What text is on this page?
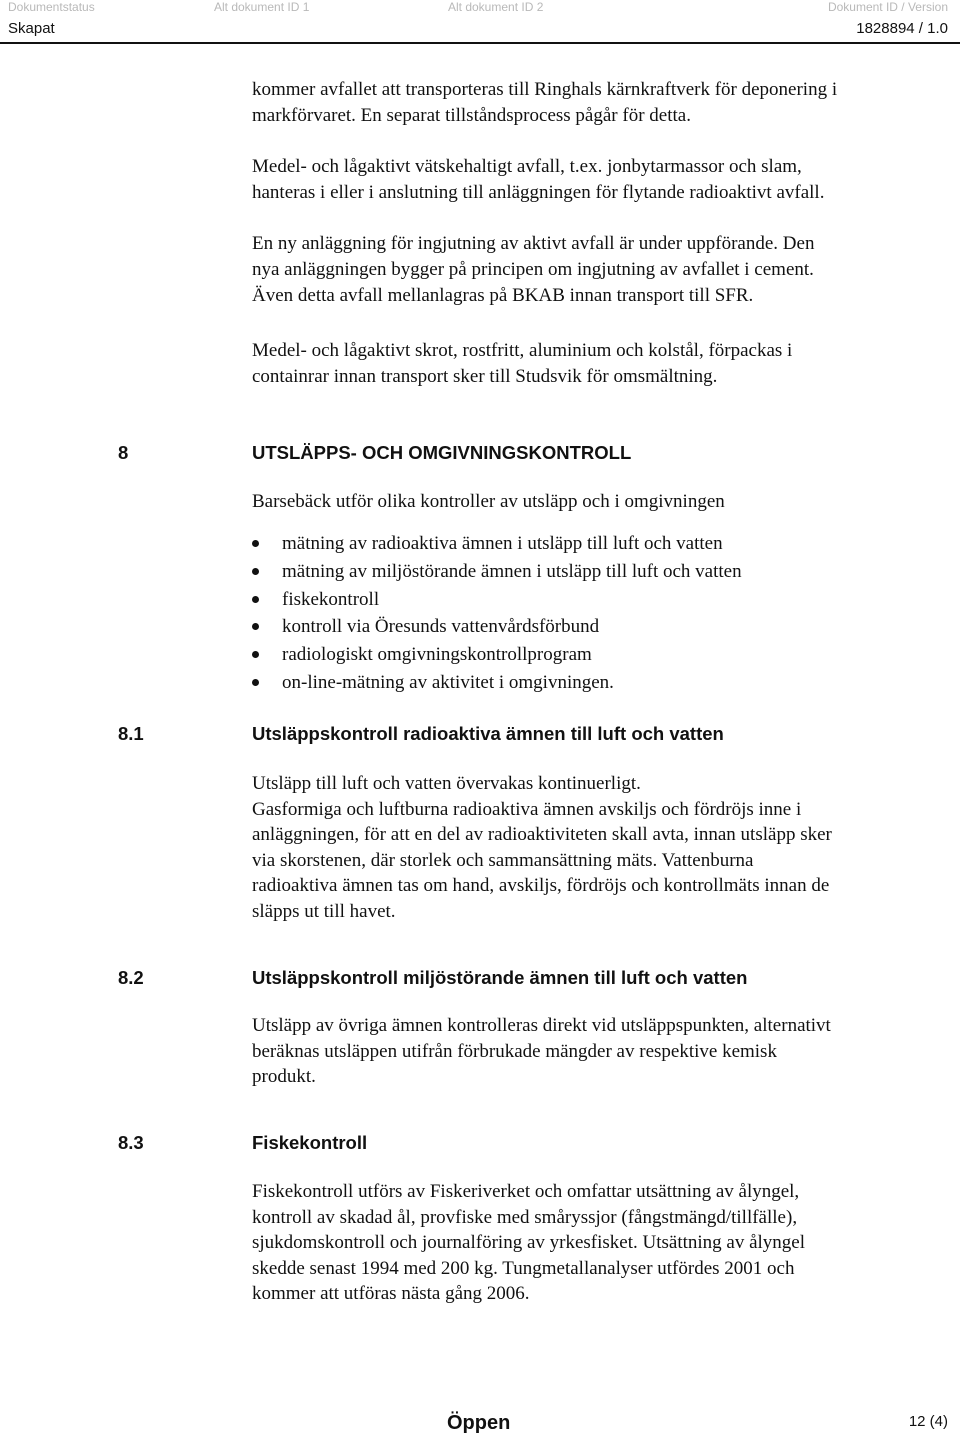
Dokumentstatus	Alt dokument ID 1	Alt dokument ID 2	Dokument ID / Version
Skapat	1828894 / 1.0

kommer avfallet att transporteras till Ringhals kärnkraftverk för deponering i
markförvaret. En separat tillståndsprocess pågår för detta.

Medel- och lågaktivt vätskehaltigt avfall, t.ex. jonbytarmassor och slam,
hanteras i eller i anslutning till anläggningen för flytande radioaktivt avfall.

En ny anläggning för ingjutning av aktivt avfall är under uppförande. Den
nya anläggningen bygger på principen om ingjutning av avfallet i cement.
Även detta avfall mellanlagras på BKAB innan transport till SFR.

Medel- och lågaktivt skrot, rostfritt, aluminium och kolstål, förpackas i
containrar innan transport sker till Studsvik för omsmältning.

8	UTSLÄPPS- OCH OMGIVNINGSKONTROLL

Barsebäck utför olika kontroller av utsläpp och i omgivningen

mätning av radioaktiva ämnen i utsläpp till luft och vatten
mätning av miljöstörande ämnen i utsläpp till luft och vatten
fiskekontroll
kontroll via Öresunds vattenvårdsförbund
radiologiskt omgivningskontrollprogram
on-line-mätning av aktivitet i omgivningen.
8.1	Utsläppskontroll radioaktiva ämnen till luft och vatten

Utsläpp till luft och vatten övervakas kontinuerligt.
Gasformiga och luftburna radioaktiva ämnen avskiljs och fördröjs inne i
anläggningen, för att en del av radioaktiviteten skall avta, innan utsläpp sker
via skorstenen, där storlek och sammansättning mäts. Vattenburna
radioaktiva ämnen tas om hand, avskiljs, fördröjs och kontrollmäts innan de
släpps ut till havet.

8.2	Utsläppskontroll miljöstörande ämnen till luft och vatten

Utsläpp av övriga ämnen kontrolleras direkt vid utsläppspunkten, alternativt
beräknas utsläppen utifrån förbrukade mängder av respektive kemisk
produkt.

8.3	Fiskekontroll

Fiskekontroll utförs av Fiskeriverket och omfattar utsättning av ålyngel,
kontroll av skadad ål, provfiske med småryssjor (fångstmängd/tillfälle),
sjukdomskontroll och journalföring av yrkesfisket. Utsättning av ålyngel
skedde senast 1994 med 200 kg. Tungmetallanalyser utfördes 2001 och
kommer att utföras nästa gång 2006.

Öppen	12 (4)
